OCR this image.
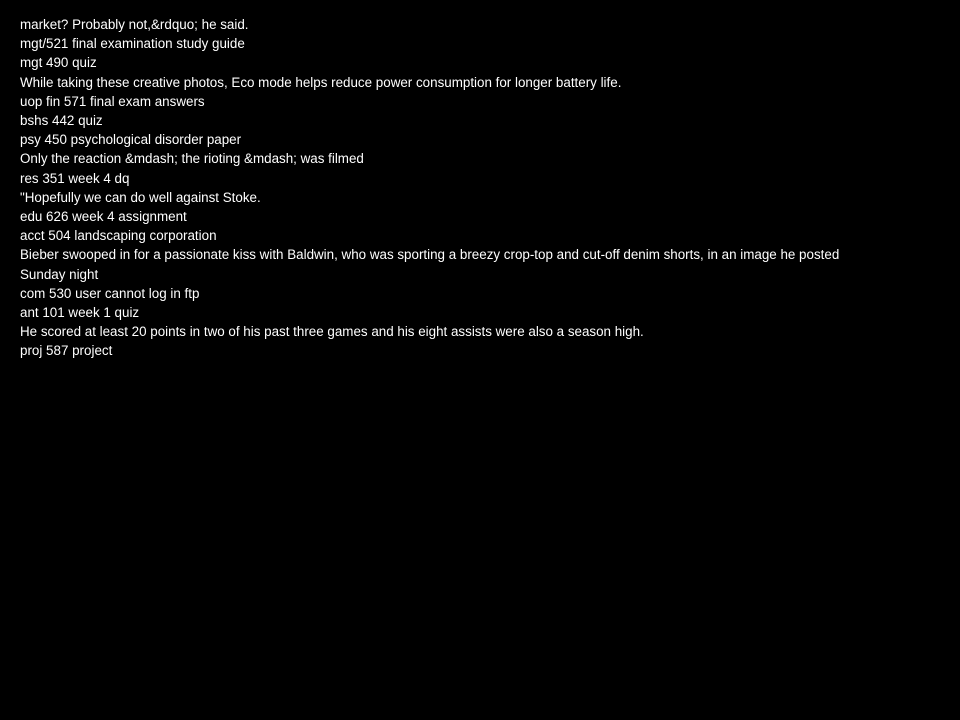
market? Probably not,&rdquo; he said.
mgt/521 final examination study guide
mgt 490 quiz
While taking these creative photos, Eco mode helps reduce power consumption for longer battery life.
uop fin 571 final exam answers
bshs 442 quiz
psy 450 psychological disorder paper
Only the reaction &mdash; the rioting &mdash; was filmed
res 351 week 4 dq
"Hopefully we can do well against Stoke.
edu 626 week 4 assignment
acct 504 landscaping corporation
Bieber swooped in for a passionate kiss with Baldwin, who was sporting a breezy crop-top and cut-off denim shorts, in an image he posted
Sunday night
com 530 user cannot log in ftp
ant 101 week 1 quiz
He scored at least 20 points in two of his past three games and his eight assists were also a season high.
proj 587 project
